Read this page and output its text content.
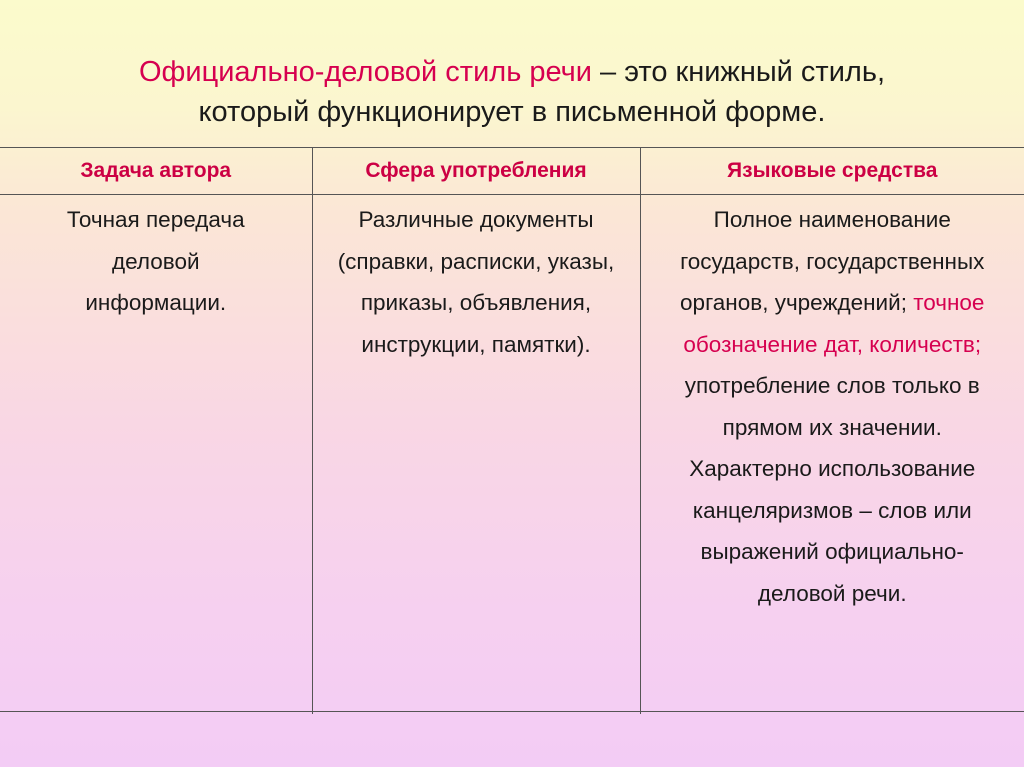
Официально-деловой стиль речи – это книжный стиль,
который функционирует в письменной форме.
Задача автора	Сфера употребления	Языковые средства
Точная передача деловой информации.	Различные документы (справки, расписки, указы, приказы, объявления, инструкции, памятки).	Полное наименование государств, государственных органов, учреждений; точное обозначение дат, количеств; употребление слов только в прямом их значении. Характерно использование канцеляризмов – слов или выражений официально-деловой речи.
